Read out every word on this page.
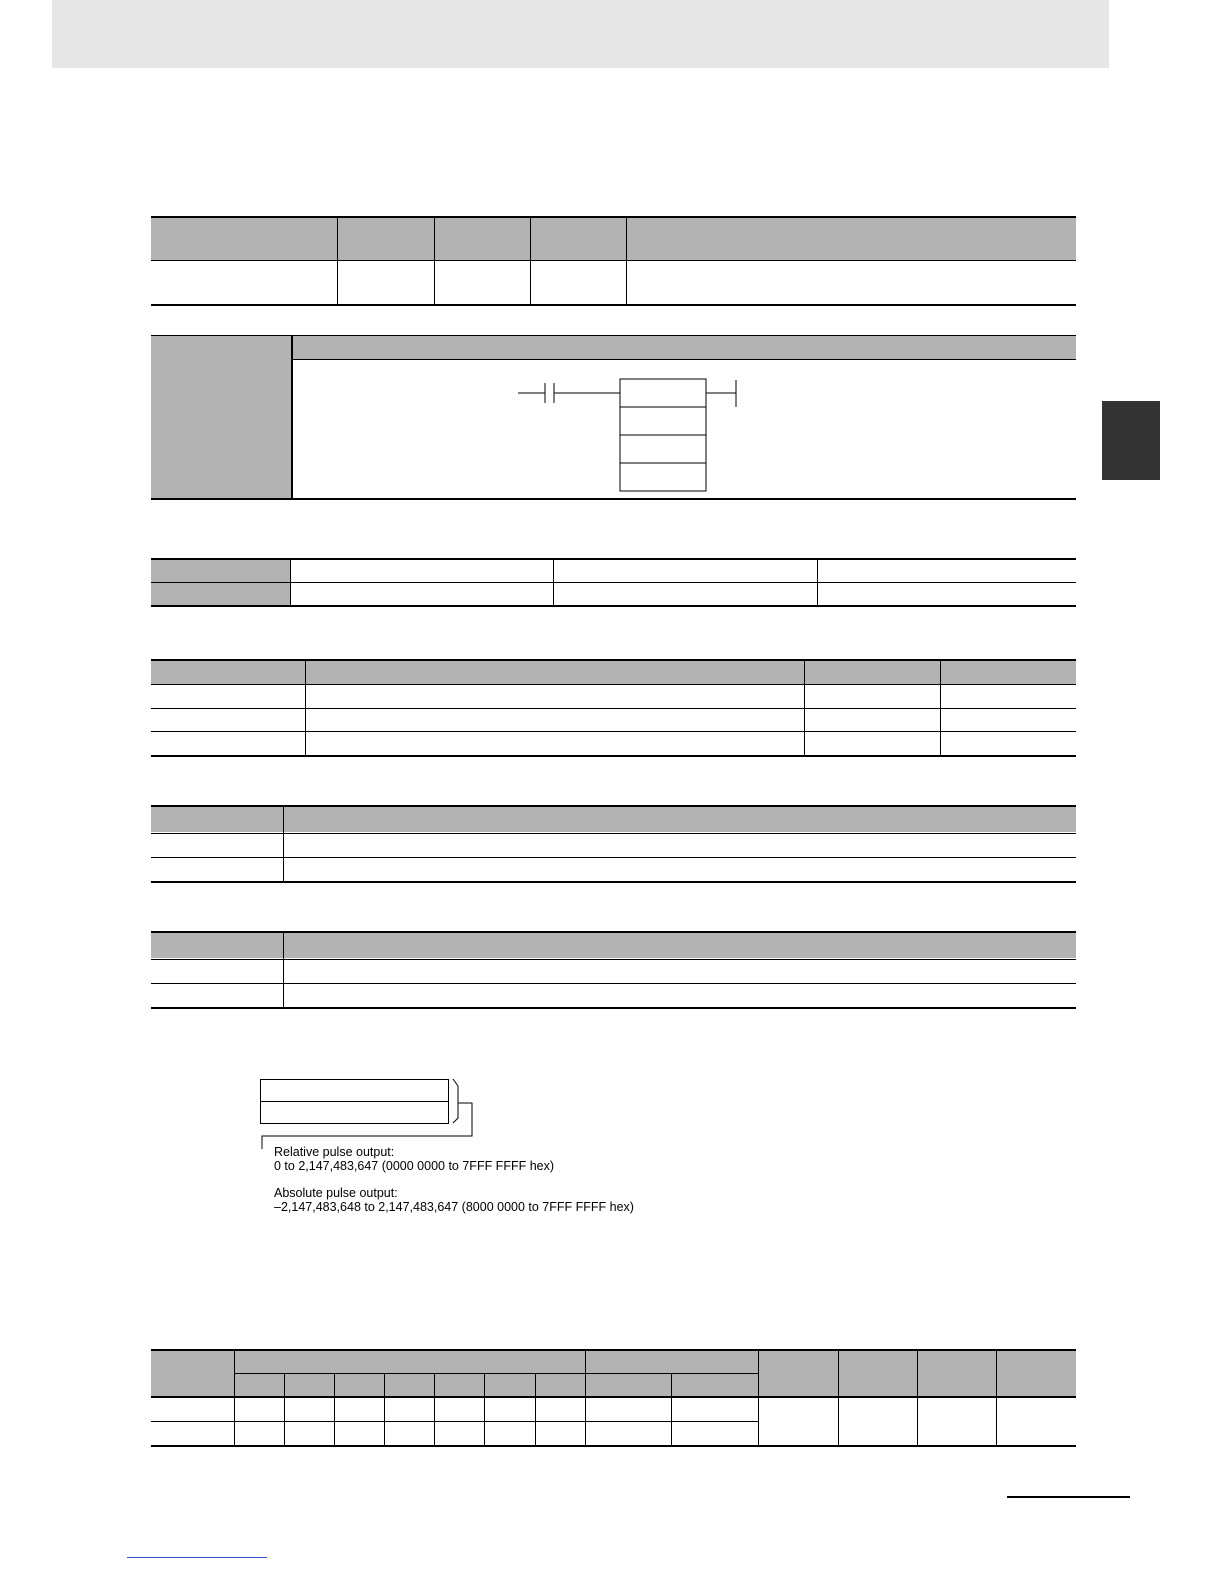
Relative pulse output:
0 to 2,147,483,647 (0000 0000 to 7FFF FFFF hex)
Absolute pulse output:
–2,147,483,648 to 2,147,483,647 (8000 0000 to 7FFF FFFF hex)
